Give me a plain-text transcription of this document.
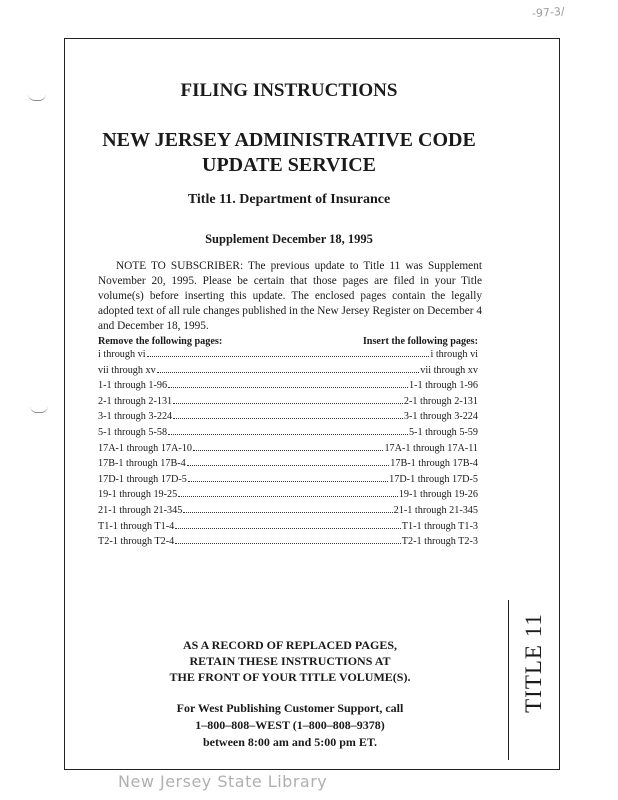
-97-3/
FILING INSTRUCTIONS
NEW JERSEY ADMINISTRATIVE CODE
UPDATE SERVICE
Title 11. Department of Insurance
Supplement December 18, 1995
NOTE TO SUBSCRIBER: The previous update to Title 11 was Supplement November 20, 1995. Please be certain that those pages are filed in your Title volume(s) before inserting this update. The enclosed pages contain the legally adopted text of all rule changes published in the New Jersey Register on December 4 and December 18, 1995.
Remove the following pages:	Insert the following pages:
i through vi	i through vi
vii through xv	vii through xv
1-1 through 1-96	1-1 through 1-96
2-1 through 2-131	2-1 through 2-131
3-1 through 3-224	3-1 through 3-224
5-1 through 5-58	5-1 through 5-59
17A-1 through 17A-10	17A-1 through 17A-11
17B-1 through 17B-4	17B-1 through 17B-4
17D-1 through 17D-5	17D-1 through 17D-5
19-1 through 19-25	19-1 through 19-26
21-1 through 21-345	21-1 through 21-345
T1-1 through T1-4	T1-1 through T1-3
T2-1 through T2-4	T2-1 through T2-3
TITLE 11
AS A RECORD OF REPLACED PAGES,
RETAIN THESE INSTRUCTIONS AT
THE FRONT OF YOUR TITLE VOLUME(S).
For West Publishing Customer Support, call
1–800–808–WEST (1–800–808–9378)
between 8:00 am and 5:00 pm ET.
New Jersey State Library
